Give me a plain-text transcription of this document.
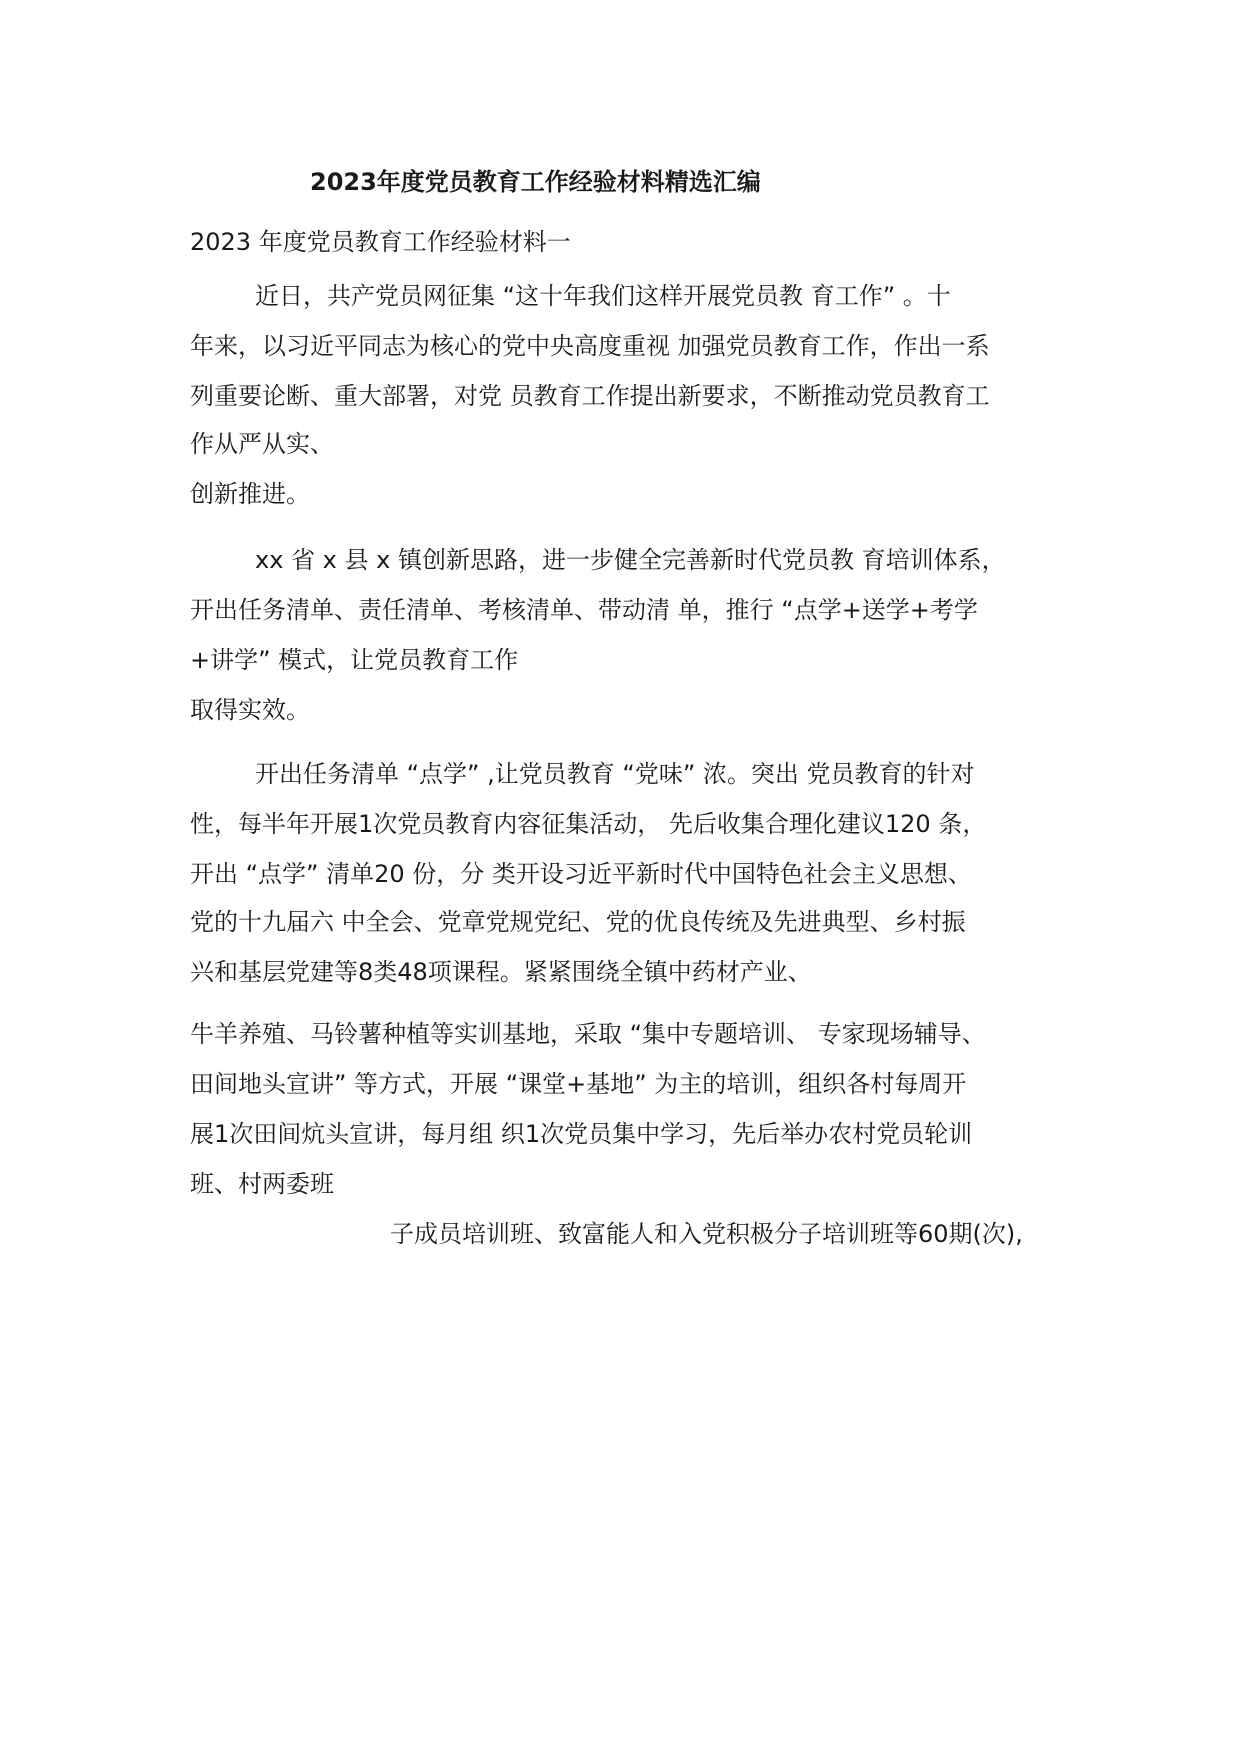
2023年度党员教育工作经验材料精选汇编
2023 年度党员教育工作经验材料一
近日，共产党员网征集 “这十年我们这样开展党员教 育工作” 。十
年来，以习近平同志为核心的党中央高度重视 加强党员教育工作，作出一系
列重要论断、重大部署，对党 员教育工作提出新要求，不断推动党员教育工
作从严从实、
创新推进。
xx 省 x 县 x 镇创新思路，进一步健全完善新时代党员教 育培训体系，
开出任务清单、责任清单、考核清单、带动清 单，推行 “点学+送学+考学
+讲学” 模式，让党员教育工作
取得实效。
开出任务清单 “点学” ,让党员教育 “党味” 浓。突出 党员教育的针对
性，每半年开展1次党员教育内容征集活动， 先后收集合理化建议120 条，
开出 “点学” 清单20 份，分 类开设习近平新时代中国特色社会主义思想、
党的十九届六 中全会、党章党规党纪、党的优良传统及先进典型、乡村振
兴和基层党建等8类48项课程。紧紧围绕全镇中药材产业、
牛羊养殖、马铃薯种植等实训基地，采取 “集中专题培训、 专家现场辅导、
田间地头宣讲” 等方式，开展 “课堂+基地” 为主的培训，组织各村每周开
展1次田间炕头宣讲，每月组 织1次党员集中学习，先后举办农村党员轮训
班、村两委班
子成员培训班、致富能人和入党积极分子培训班等60期(次),
